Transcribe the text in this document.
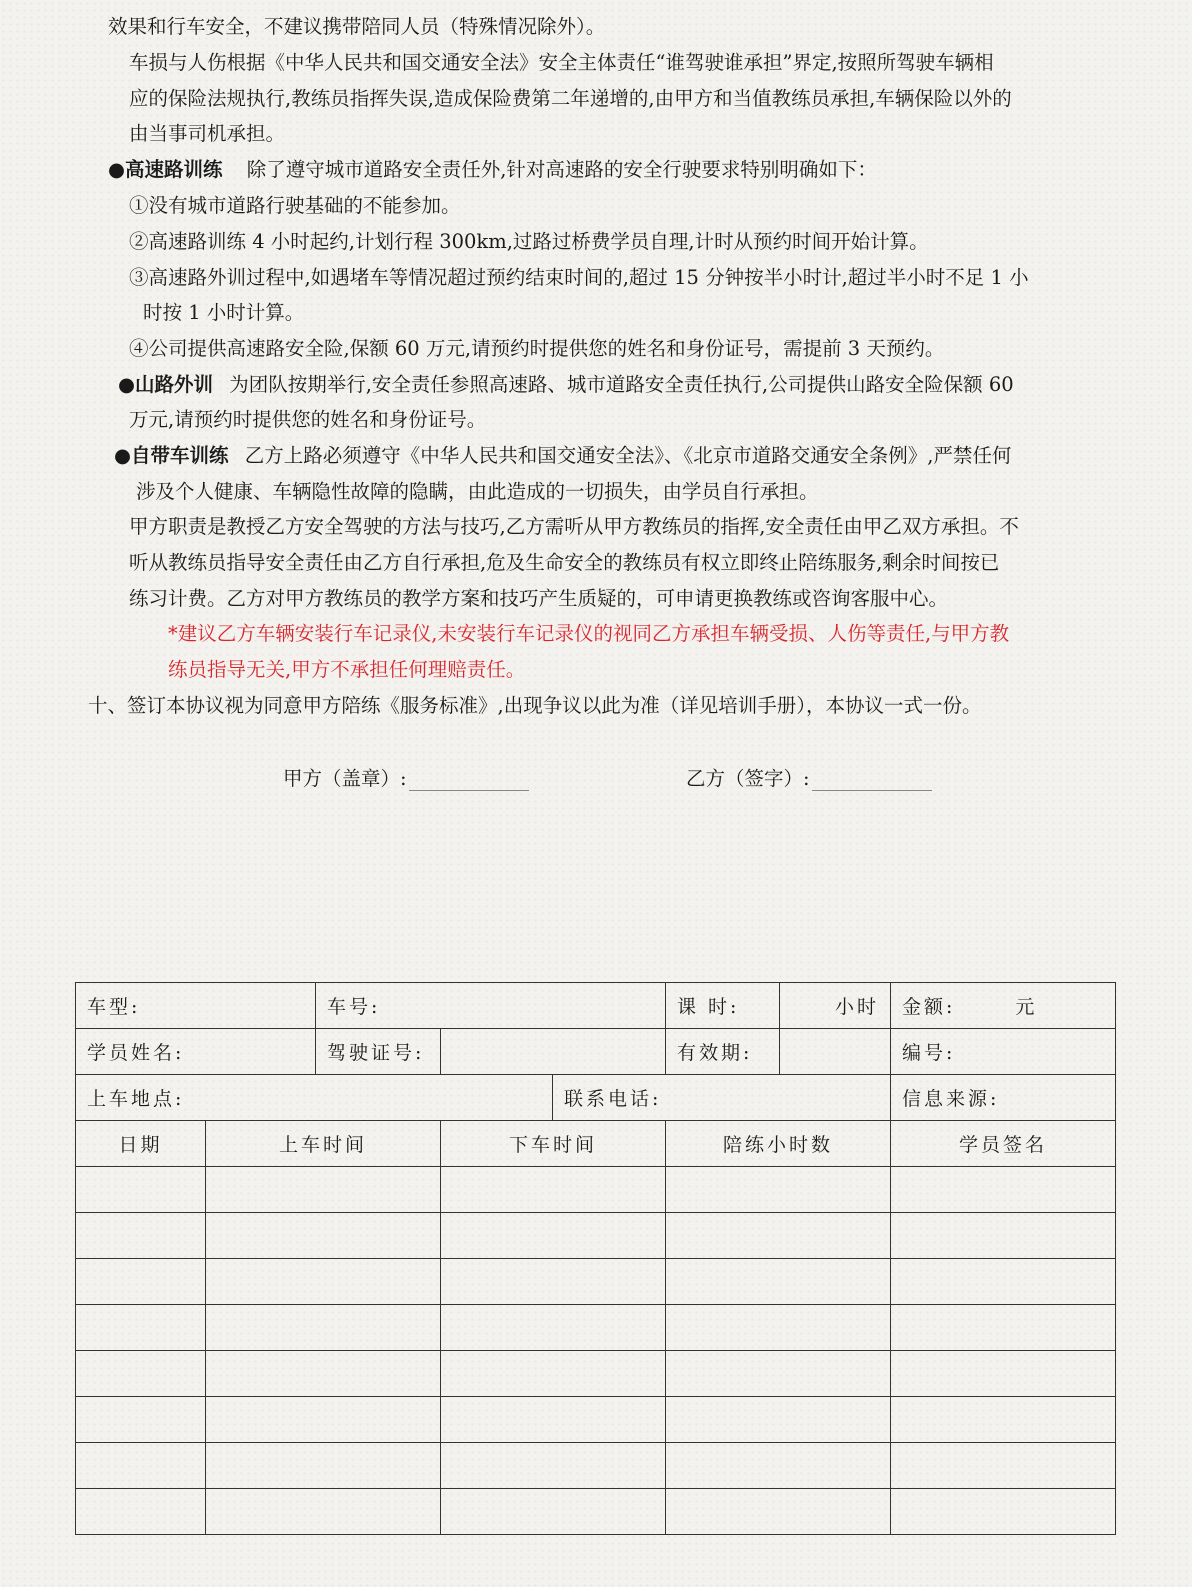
效果和行车安全，不建议携带陪同人员（特殊情况除外）。
车损与人伤根据《中华人民共和国交通安全法》安全主体责任“谁驾驶谁承担”界定,按照所驾驶车辆相
应的保险法规执行,教练员指挥失误,造成保险费第二年递增的,由甲方和当值教练员承担,车辆保险以外的
由当事司机承担。
●高速路训练 除了遵守城市道路安全责任外,针对高速路的安全行驶要求特别明确如下：
①没有城市道路行驶基础的不能参加。
②高速路训练 4 小时起约,计划行程 300km,过路过桥费学员自理,计时从预约时间开始计算。
③高速路外训过程中,如遇堵车等情况超过预约结束时间的,超过 15 分钟按半小时计,超过半小时不足 1 小
时按 1 小时计算。
④公司提供高速路安全险,保额 60 万元,请预约时提供您的姓名和身份证号，需提前 3 天预约。
●山路外训 为团队按期举行,安全责任参照高速路、城市道路安全责任执行,公司提供山路安全险保额 60
万元,请预约时提供您的姓名和身份证号。
●自带车训练 乙方上路必须遵守《中华人民共和国交通安全法》、《北京市道路交通安全条例》,严禁任何
涉及个人健康、车辆隐性故障的隐瞒，由此造成的一切损失，由学员自行承担。
甲方职责是教授乙方安全驾驶的方法与技巧,乙方需听从甲方教练员的指挥,安全责任由甲乙双方承担。不
听从教练员指导安全责任由乙方自行承担,危及生命安全的教练员有权立即终止陪练服务,剩余时间按已
练习计费。乙方对甲方教练员的教学方案和技巧产生质疑的，可申请更换教练或咨询客服中心。
*建议乙方车辆安装行车记录仪,未安装行车记录仪的视同乙方承担车辆受损、人伤等责任,与甲方教
练员指导无关,甲方不承担任何理赔责任。
十、签订本协议视为同意甲方陪练《服务标准》,出现争议以此为准（详见培训手册），本协议一式一份。
甲方（盖章）:	乙方（签字）:
车型:		车号:			课 时:	小时	金额: 元
学员姓名:		驾驶证号:			有效期:		编号:
上车地点:				联系电话:			信息来源:
日期	上车时间		下车时间		陪练小时数		学员签名
